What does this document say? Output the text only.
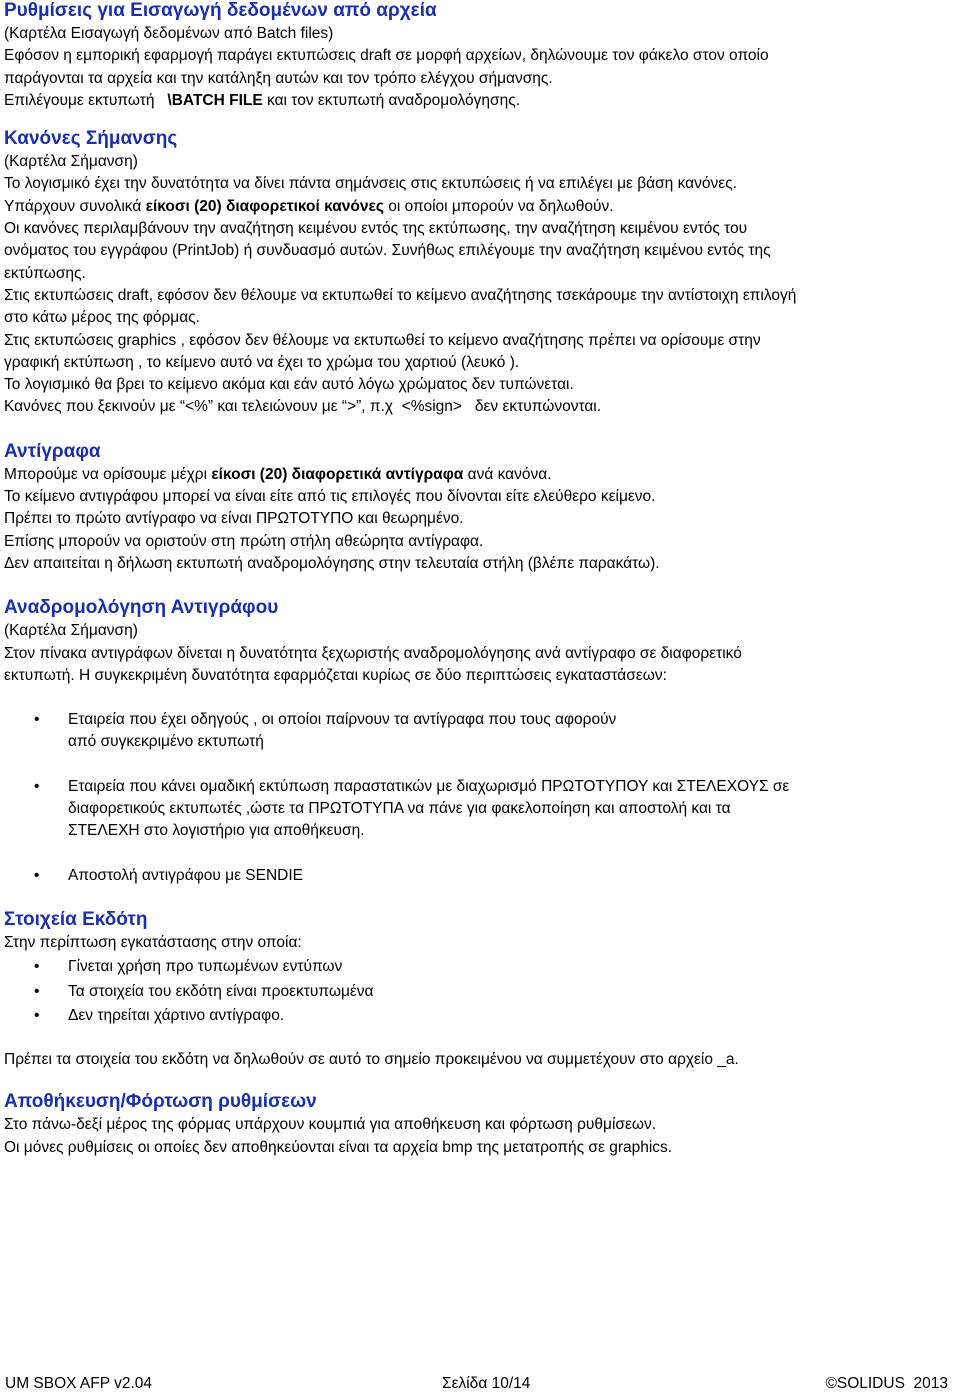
Ρυθμίσεις για Εισαγωγή δεδομένων από αρχεία

(Καρτέλα Εισαγωγή δεδομένων από Batch files)

Εφόσον η εμπορική εφαρμογή παράγει εκτυπώσεις draft σε μορφή αρχείων, δηλώνουμε τον φάκελο στον οποίο

παράγονται τα αρχεία και την κατάληξη αυτών και τον τρόπο ελέγχου σήμανσης.

Επιλέγουμε εκτυπωτή   \BATCH FILE και τον εκτυπωτή αναδρομολόγησης.

Κανόνες Σήμανσης

(Καρτέλα Σήμανση)

Το λογισμικό έχει την δυνατότητα να δίνει πάντα σημάνσεις στις εκτυπώσεις ή να επιλέγει με βάση κανόνες.

Υπάρχουν συνολικά είκοσι (20) διαφορετικοί κανόνες οι οποίοι μπορούν να δηλωθούν.

Οι κανόνες περιλαμβάνουν την αναζήτηση κειμένου εντός της εκτύπωσης, την αναζήτηση κειμένου εντός του

ονόματος του εγγράφου (PrintJob) ή συνδυασμό αυτών. Συνήθως επιλέγουμε την αναζήτηση κειμένου εντός της

εκτύπωσης.

Στις εκτυπώσεις draft, εφόσον δεν θέλουμε να εκτυπωθεί το κείμενο αναζήτησης τσεκάρουμε την αντίστοιχη επιλογή

στο κάτω μέρος της φόρμας.

Στις εκτυπώσεις graphics , εφόσον δεν θέλουμε να εκτυπωθεί το κείμενο αναζήτησης πρέπει να ορίσουμε στην

γραφική εκτύπωση , το κείμενο αυτό να έχει το χρώμα του χαρτιού (λευκό ).

Το λογισμικό θα βρει το κείμενο ακόμα και εάν αυτό λόγω χρώματος δεν τυπώνεται.

Κανόνες που ξεκινούν με “<%” και τελειώνουν με “>”, π.χ  <%sign>   δεν εκτυπώνονται.

Αντίγραφα

Μπορούμε να ορίσουμε μέχρι είκοσι (20) διαφορετικά αντίγραφα ανά κανόνα.

Το κείμενο αντιγράφου μπορεί να είναι είτε από τις επιλογές που δίνονται είτε ελεύθερο κείμενο.

Πρέπει το πρώτο αντίγραφο να είναι ΠΡΩΤΟΤΥΠΟ και θεωρημένο.

Επίσης μπορούν να οριστούν στη πρώτη στήλη αθεώρητα αντίγραφα.

Δεν απαιτείται η δήλωση εκτυπωτή αναδρομολόγησης στην τελευταία στήλη (βλέπε παρακάτω).

Αναδρομολόγηση Αντιγράφου

(Καρτέλα Σήμανση)

Στον πίνακα αντιγράφων δίνεται η δυνατότητα ξεχωριστής αναδρομολόγησης ανά αντίγραφο σε διαφορετικό

εκτυπωτή. Η συγκεκριμένη δυνατότητα εφαρμόζεται κυρίως σε δύο περιπτώσεις εγκαταστάσεων:

• Εταιρεία που έχει οδηγούς , οι οποίοι παίρνουν τα αντίγραφα που τους αφορούν

από συγκεκριμένο εκτυπωτή

• Εταιρεία που κάνει ομαδική εκτύπωση παραστατικών με διαχωρισμό ΠΡΩΤΟΤΥΠΟΥ και ΣΤΕΛΕΧΟΥΣ σε

διαφορετικούς εκτυπωτές ,ώστε τα ΠΡΩΤΟΤΥΠΑ να πάνε για φακελοποίηση και αποστολή και τα

ΣΤΕΛΕΧΗ στο λογιστήριο για αποθήκευση.

• Αποστολή αντιγράφου με SENDIE

Στοιχεία Εκδότη

Στην περίπτωση εγκατάστασης στην οποία:

• Γίνεται χρήση προ τυπωμένων εντύπων

• Τα στοιχεία του εκδότη είναι προεκτυπωμένα

• Δεν τηρείται χάρτινο αντίγραφο.

Πρέπει τα στοιχεία του εκδότη να δηλωθούν σε αυτό το σημείο προκειμένου να συμμετέχουν στο αρχείο _a.

Αποθήκευση/Φόρτωση ρυθμίσεων

Στο πάνω-δεξί μέρος της φόρμας υπάρχουν κουμπιά για αποθήκευση και φόρτωση ρυθμίσεων.

Οι μόνες ρυθμίσεις οι οποίες δεν αποθηκεύονται είναι τα αρχεία bmp της μετατροπής σε graphics.

UM SBOX AFP v2.04	Σελίδα 10/14	©SOLIDUS  2013
